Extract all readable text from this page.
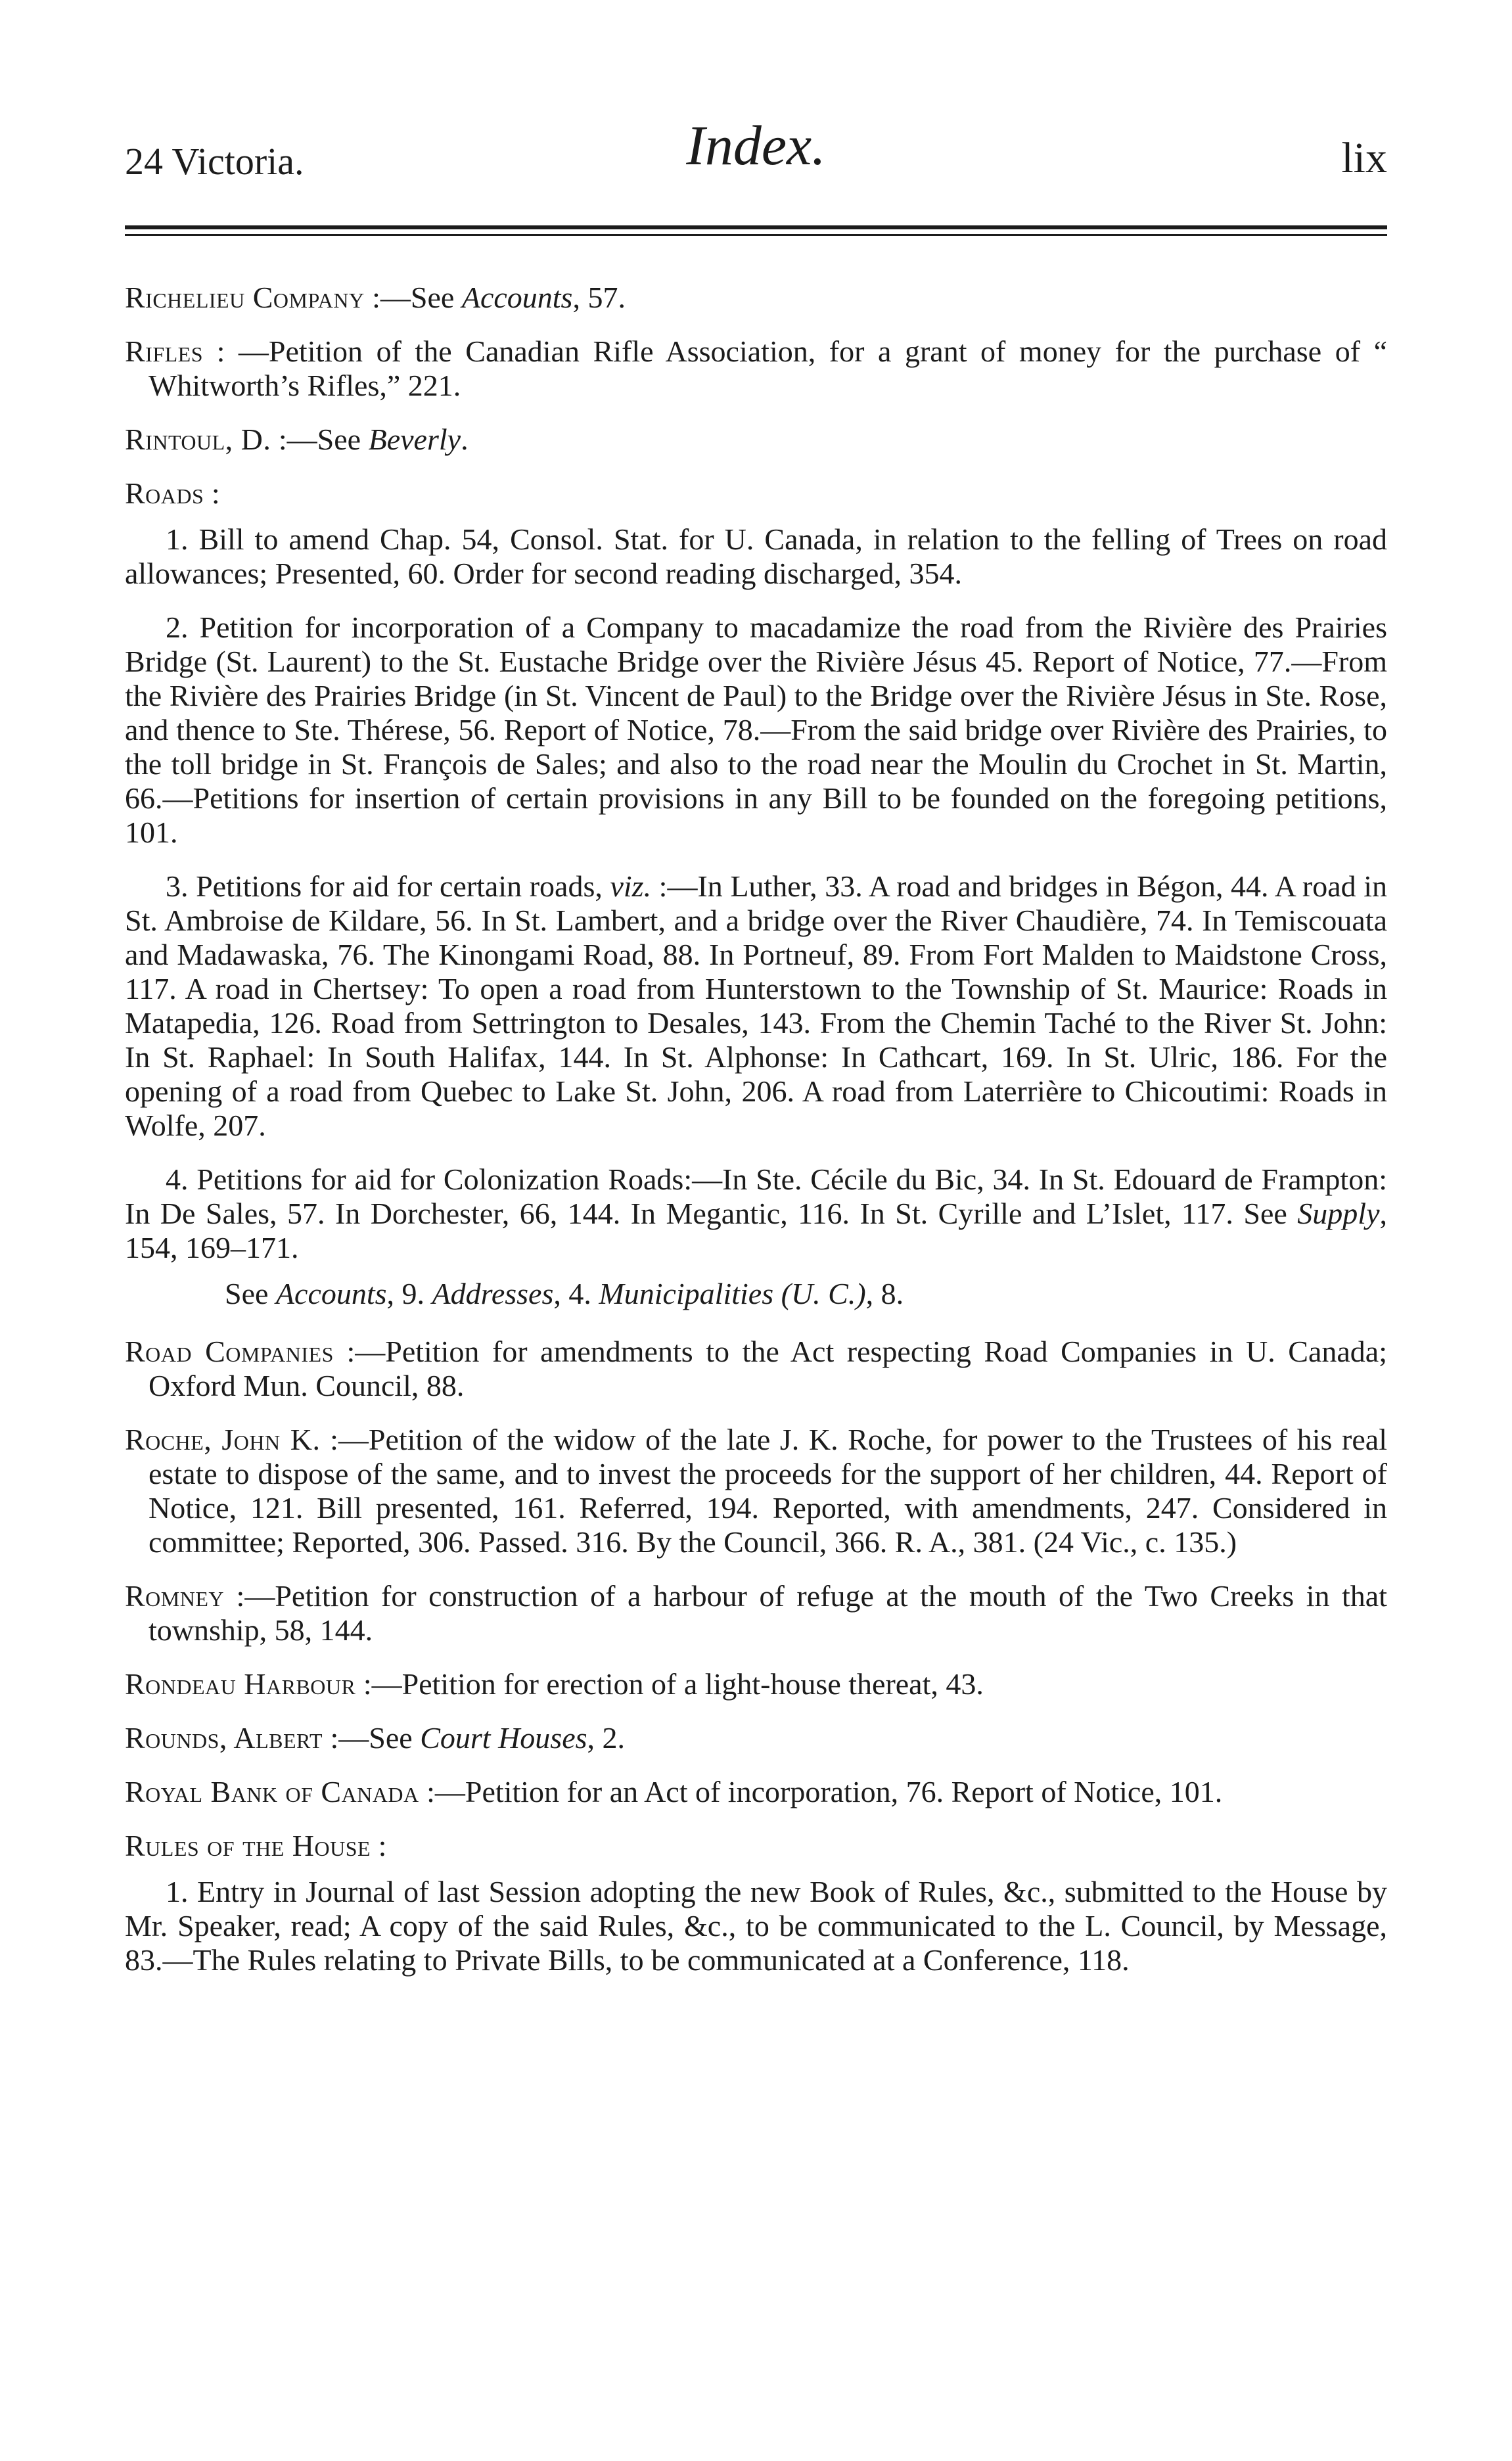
24 Victoria.	Index.	lix

Richelieu Company :—See Accounts, 57.

Rifles : —Petition of the Canadian Rifle Association, for a grant of money for the purchase of “ Whitworth’s Rifles,” 221.

Rintoul, D. :—See Beverly.

Roads :

1. Bill to amend Chap. 54, Consol. Stat. for U. Canada, in relation to the felling of Trees on road allowances; Presented, 60. Order for second reading discharged, 354.

2. Petition for incorporation of a Company to macadamize the road from the Rivière des Prairies Bridge (St. Laurent) to the St. Eustache Bridge over the Rivière Jésus 45. Report of Notice, 77.—From the Rivière des Prairies Bridge (in St. Vincent de Paul) to the Bridge over the Rivière Jésus in Ste. Rose, and thence to Ste. Thérese, 56. Report of Notice, 78.—From the said bridge over Rivière des Prairies, to the toll bridge in St. François de Sales; and also to the road near the Moulin du Crochet in St. Martin, 66.—Petitions for insertion of certain provisions in any Bill to be founded on the foregoing petitions, 101.

3. Petitions for aid for certain roads, viz. :—In Luther, 33. A road and bridges in Bégon, 44. A road in St. Ambroise de Kildare, 56. In St. Lambert, and a bridge over the River Chaudière, 74. In Temiscouata and Madawaska, 76. The Kinongami Road, 88. In Portneuf, 89. From Fort Malden to Maidstone Cross, 117. A road in Chertsey: To open a road from Hunterstown to the Township of St. Maurice: Roads in Matapedia, 126. Road from Settrington to Desales, 143. From the Chemin Taché to the River St. John: In St. Raphael: In South Halifax, 144. In St. Alphonse: In Cathcart, 169. In St. Ulric, 186. For the opening of a road from Quebec to Lake St. John, 206. A road from Laterrière to Chicoutimi: Roads in Wolfe, 207.

4. Petitions for aid for Colonization Roads:—In Ste. Cécile du Bic, 34. In St. Edouard de Frampton: In De Sales, 57. In Dorchester, 66, 144. In Megantic, 116. In St. Cyrille and L’Islet, 117. See Supply, 154, 169–171.

See Accounts, 9. Addresses, 4. Municipalities (U. C.), 8.

Road Companies :—Petition for amendments to the Act respecting Road Companies in U. Canada; Oxford Mun. Council, 88.

Roche, John K. :—Petition of the widow of the late J. K. Roche, for power to the Trustees of his real estate to dispose of the same, and to invest the proceeds for the support of her children, 44. Report of Notice, 121. Bill presented, 161. Referred, 194. Reported, with amendments, 247. Considered in committee; Reported, 306. Passed. 316. By the Council, 366. R. A., 381. (24 Vic., c. 135.)

Romney :—Petition for construction of a harbour of refuge at the mouth of the Two Creeks in that township, 58, 144.

Rondeau Harbour :—Petition for erection of a light-house thereat, 43.

Rounds, Albert :—See Court Houses, 2.

Royal Bank of Canada :—Petition for an Act of incorporation, 76. Report of Notice, 101.

Rules of the House :

1. Entry in Journal of last Session adopting the new Book of Rules, &c., submitted to the House by Mr. Speaker, read; A copy of the said Rules, &c., to be communicated to the L. Council, by Message, 83.—The Rules relating to Private Bills, to be communicated at a Conference, 118.
